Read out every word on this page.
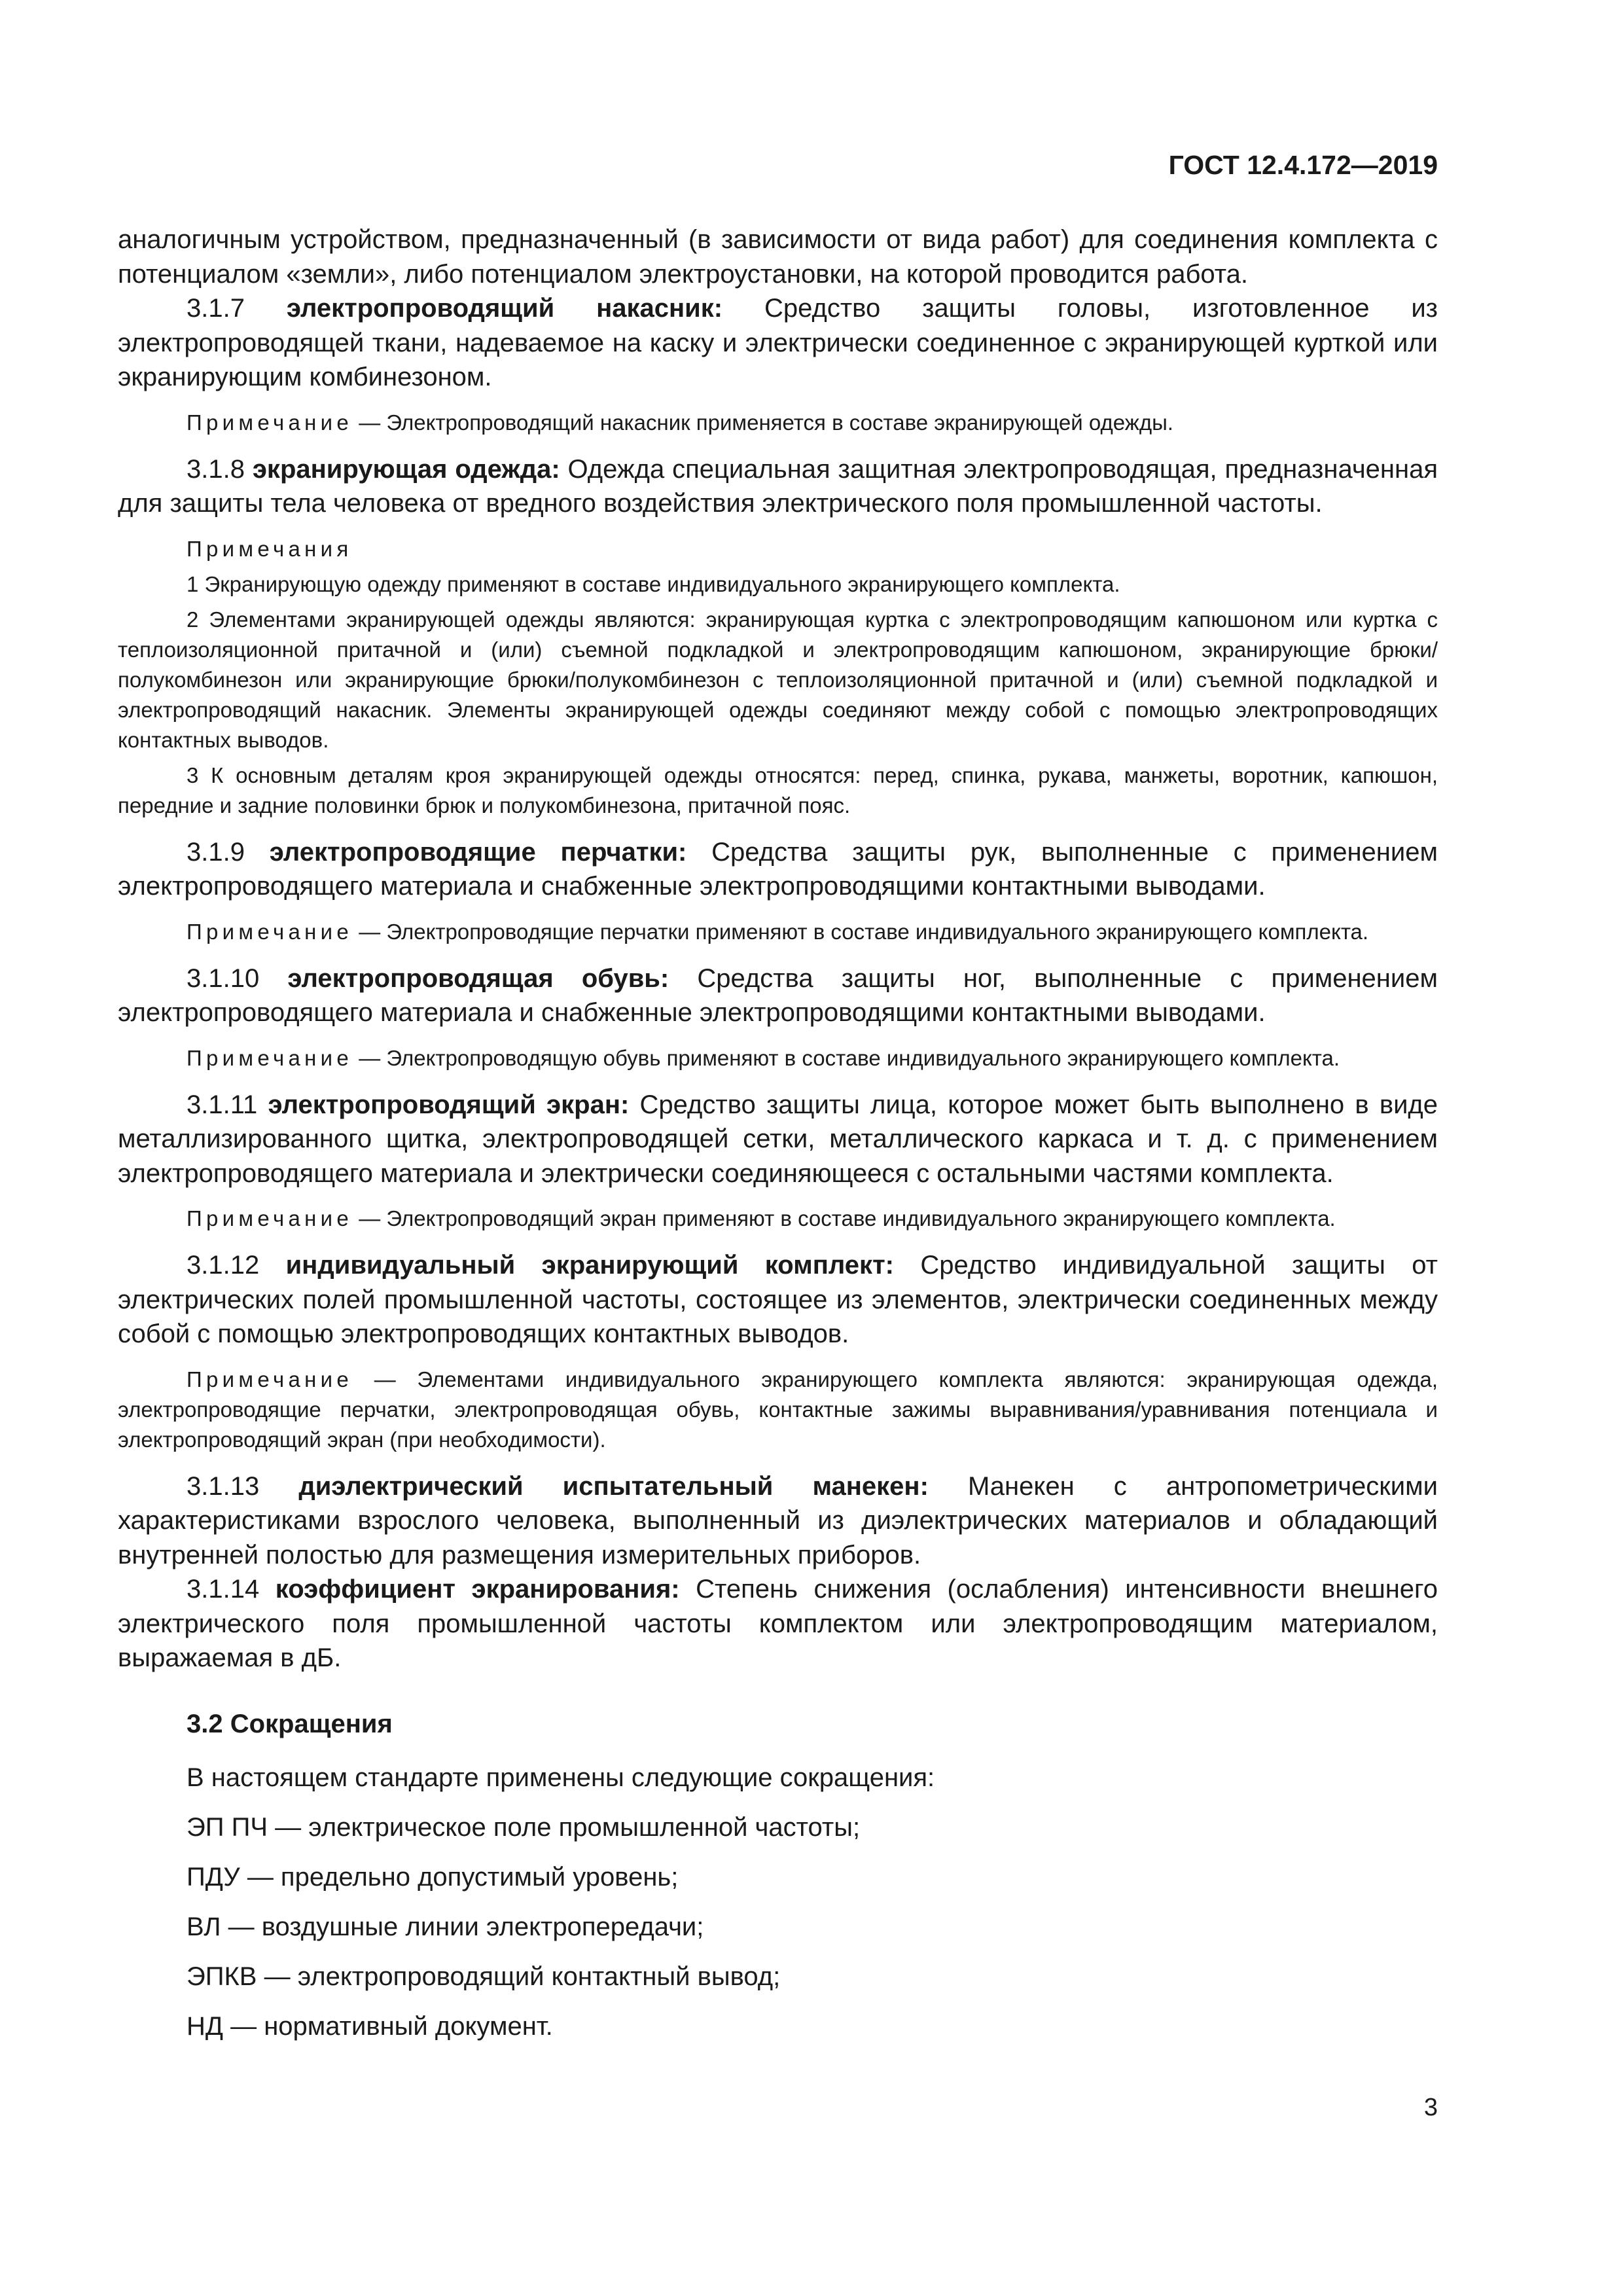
ГОСТ 12.4.172—2019

аналогичным устройством, предназначенный (в зависимости от вида работ) для соединения комплекта с потенциалом «земли», либо потенциалом электроустановки, на которой проводится работа.

3.1.7 электропроводящий накасник: Средство защиты головы, изготовленное из электропроводящей ткани, надеваемое на каску и электрически соединенное с экранирующей курткой или экранирующим комбинезоном.

Примечание — Электропроводящий накасник применяется в составе экранирующей одежды.

3.1.8 экранирующая одежда: Одежда специальная защитная электропроводящая, предназначенная для защиты тела человека от вредного воздействия электрического поля промышленной частоты.

Примечания

1 Экранирующую одежду применяют в составе индивидуального экранирующего комплекта.

2 Элементами экранирующей одежды являются: экранирующая куртка с электропроводящим капюшоном или куртка с теплоизоляционной притачной и (или) съемной подкладкой и электропроводящим капюшоном, экранирующие брюки/полукомбинезон или экранирующие брюки/полукомбинезон с теплоизоляционной притачной и (или) съемной подкладкой и электропроводящий накасник. Элементы экранирующей одежды соединяют между собой с помощью электропроводящих контактных выводов.

3 К основным деталям кроя экранирующей одежды относятся: перед, спинка, рукава, манжеты, воротник, капюшон, передние и задние половинки брюк и полукомбинезона, притачной пояс.

3.1.9 электропроводящие перчатки: Средства защиты рук, выполненные с применением электропроводящего материала и снабженные электропроводящими контактными выводами.

Примечание — Электропроводящие перчатки применяют в составе индивидуального экранирующего комплекта.

3.1.10 электропроводящая обувь: Средства защиты ног, выполненные с применением электропроводящего материала и снабженные электропроводящими контактными выводами.

Примечание — Электропроводящую обувь применяют в составе индивидуального экранирующего комплекта.

3.1.11 электропроводящий экран: Средство защиты лица, которое может быть выполнено в виде металлизированного щитка, электропроводящей сетки, металлического каркаса и т. д. с применением электропроводящего материала и электрически соединяющееся с остальными частями комплекта.

Примечание — Электропроводящий экран применяют в составе индивидуального экранирующего комплекта.

3.1.12 индивидуальный экранирующий комплект: Средство индивидуальной защиты от электрических полей промышленной частоты, состоящее из элементов, электрически соединенных между собой с помощью электропроводящих контактных выводов.

Примечание — Элементами индивидуального экранирующего комплекта являются: экранирующая одежда, электропроводящие перчатки, электропроводящая обувь, контактные зажимы выравнивания/уравнивания потенциала и электропроводящий экран (при необходимости).

3.1.13 диэлектрический испытательный манекен: Манекен с антропометрическими характеристиками взрослого человека, выполненный из диэлектрических материалов и обладающий внутренней полостью для размещения измерительных приборов.

3.1.14 коэффициент экранирования: Степень снижения (ослабления) интенсивности внешнего электрического поля промышленной частоты комплектом или электропроводящим материалом, выражаемая в дБ.

3.2 Сокращения

В настоящем стандарте применены следующие сокращения:

ЭП ПЧ — электрическое поле промышленной частоты;

ПДУ — предельно допустимый уровень;

ВЛ — воздушные линии электропередачи;

ЭПКВ — электропроводящий контактный вывод;

НД — нормативный документ.

3
